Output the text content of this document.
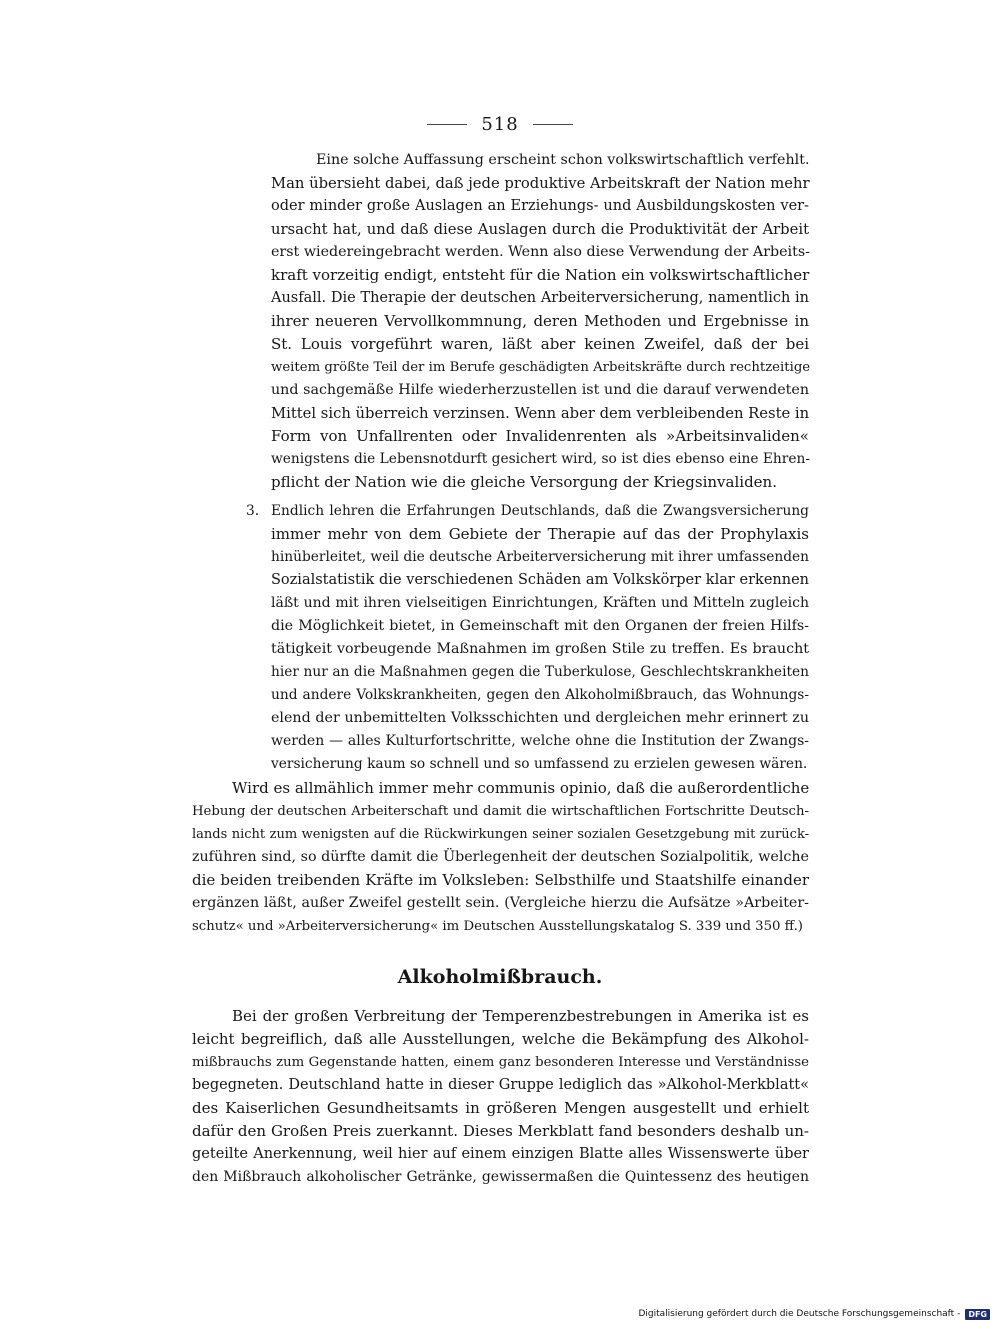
518
Eine solche Auffassung erscheint schon volkswirtschaftlich verfehlt.
Man übersieht dabei, daß jede produktive Arbeitskraft der Nation mehr
oder minder große Auslagen an Erziehungs- und Ausbildungskosten ver-
ursacht hat, und daß diese Auslagen durch die Produktivität der Arbeit
erst wiedereingebracht werden. Wenn also diese Verwendung der Arbeits-
kraft vorzeitig endigt, entsteht für die Nation ein volkswirtschaftlicher
Ausfall. Die Therapie der deutschen Arbeiterversicherung, namentlich in
ihrer neueren Vervollkommnung, deren Methoden und Ergebnisse in
St. Louis vorgeführt waren, läßt aber keinen Zweifel, daß der bei
weitem größte Teil der im Berufe geschädigten Arbeitskräfte durch rechtzeitige
und sachgemäße Hilfe wiederherzustellen ist und die darauf verwendeten
Mittel sich überreich verzinsen. Wenn aber dem verbleibenden Reste in
Form von Unfallrenten oder Invalidenrenten als »Arbeitsinvaliden«
wenigstens die Lebensnotdurft gesichert wird, so ist dies ebenso eine Ehren-
pflicht der Nation wie die gleiche Versorgung der Kriegsinvaliden.
3. Endlich lehren die Erfahrungen Deutschlands, daß die Zwangsversicherung
immer mehr von dem Gebiete der Therapie auf das der Prophylaxis
hinüberleitet, weil die deutsche Arbeiterversicherung mit ihrer umfassenden
Sozialstatistik die verschiedenen Schäden am Volkskörper klar erkennen
läßt und mit ihren vielseitigen Einrichtungen, Kräften und Mitteln zugleich
die Möglichkeit bietet, in Gemeinschaft mit den Organen der freien Hilfs-
tätigkeit vorbeugende Maßnahmen im großen Stile zu treffen. Es braucht
hier nur an die Maßnahmen gegen die Tuberkulose, Geschlechtskrankheiten
und andere Volkskrankheiten, gegen den Alkoholmißbrauch, das Wohnungs-
elend der unbemittelten Volksschichten und dergleichen mehr erinnert zu
werden — alles Kulturfortschritte, welche ohne die Institution der Zwangs-
versicherung kaum so schnell und so umfassend zu erzielen gewesen wären.
Wird es allmählich immer mehr communis opinio, daß die außerordentliche
Hebung der deutschen Arbeiterschaft und damit die wirtschaftlichen Fortschritte Deutsch-
lands nicht zum wenigsten auf die Rückwirkungen seiner sozialen Gesetzgebung mit zurück-
zuführen sind, so dürfte damit die Überlegenheit der deutschen Sozialpolitik, welche
die beiden treibenden Kräfte im Volksleben: Selbsthilfe und Staatshilfe einander
ergänzen läßt, außer Zweifel gestellt sein. (Vergleiche hierzu die Aufsätze »Arbeiter-
schutz« und »Arbeiterversicherung« im Deutschen Ausstellungskatalog S. 339 und 350 ff.)
Alkoholmißbrauch.
Bei der großen Verbreitung der Temperenzbestrebungen in Amerika ist es
leicht begreiflich, daß alle Ausstellungen, welche die Bekämpfung des Alkohol-
mißbrauchs zum Gegenstande hatten, einem ganz besonderen Interesse und Verständnisse
begegneten. Deutschland hatte in dieser Gruppe lediglich das »Alkohol-Merkblatt«
des Kaiserlichen Gesundheitsamts in größeren Mengen ausgestellt und erhielt
dafür den Großen Preis zuerkannt. Dieses Merkblatt fand besonders deshalb un-
geteilte Anerkennung, weil hier auf einem einzigen Blatte alles Wissenswerte über
den Mißbrauch alkoholischer Getränke, gewissermaßen die Quintessenz des heutigen
Digitalisierung gefördert durch die Deutsche Forschungsgemeinschaft -	DFG
